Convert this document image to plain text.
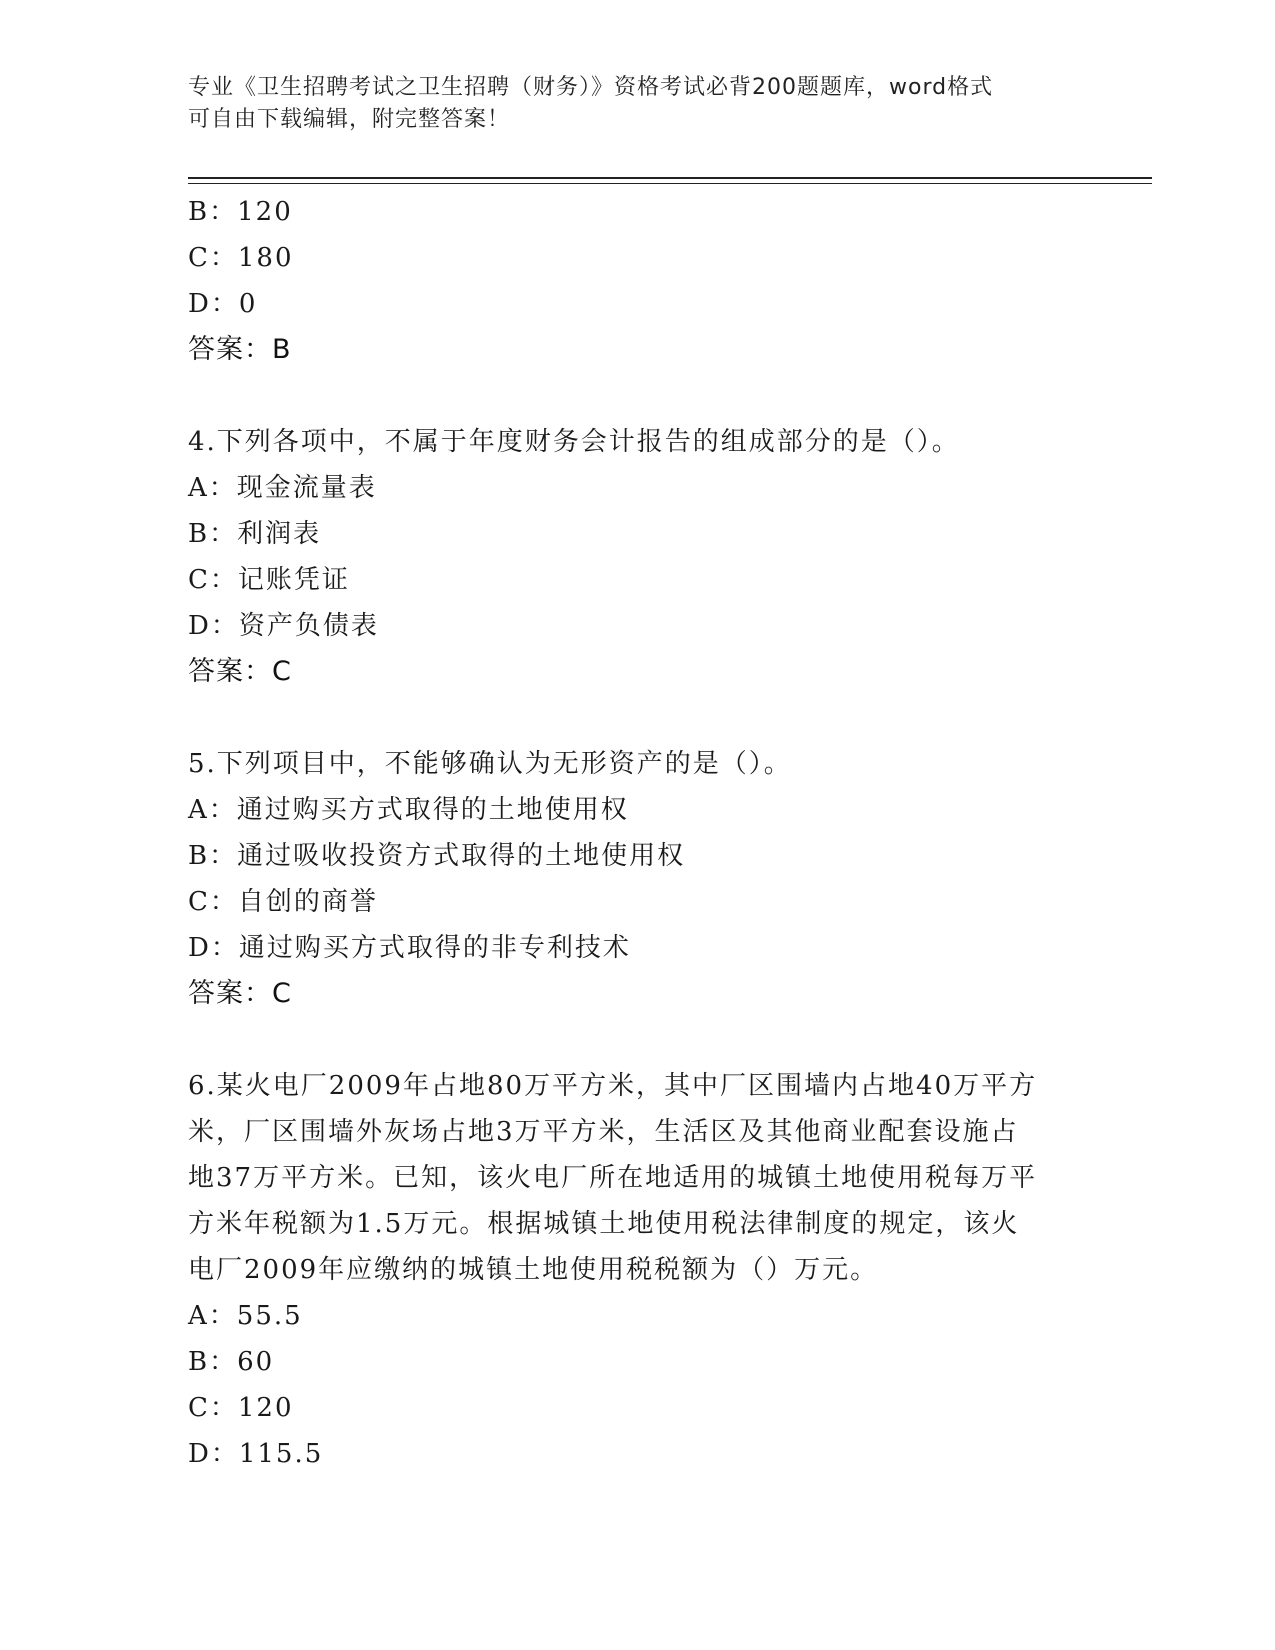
专业《卫生招聘考试之卫生招聘（财务）》资格考试必背200题题库，word格式
可自由下载编辑，附完整答案！
B：120
C：180
D：0
答案：B
4.下列各项中，不属于年度财务会计报告的组成部分的是（）。
A：现金流量表
B：利润表
C：记账凭证
D：资产负债表
答案：C
5.下列项目中，不能够确认为无形资产的是（）。
A：通过购买方式取得的土地使用权
B：通过吸收投资方式取得的土地使用权
C：自创的商誉
D：通过购买方式取得的非专利技术
答案：C
6.某火电厂2009年占地80万平方米，其中厂区围墙内占地40万平方
米，厂区围墙外灰场占地3万平方米，生活区及其他商业配套设施占
地37万平方米。已知，该火电厂所在地适用的城镇土地使用税每万平
方米年税额为1.5万元。根据城镇土地使用税法律制度的规定，该火
电厂2009年应缴纳的城镇土地使用税税额为（）万元。
A：55.5
B：60
C：120
D：115.5
